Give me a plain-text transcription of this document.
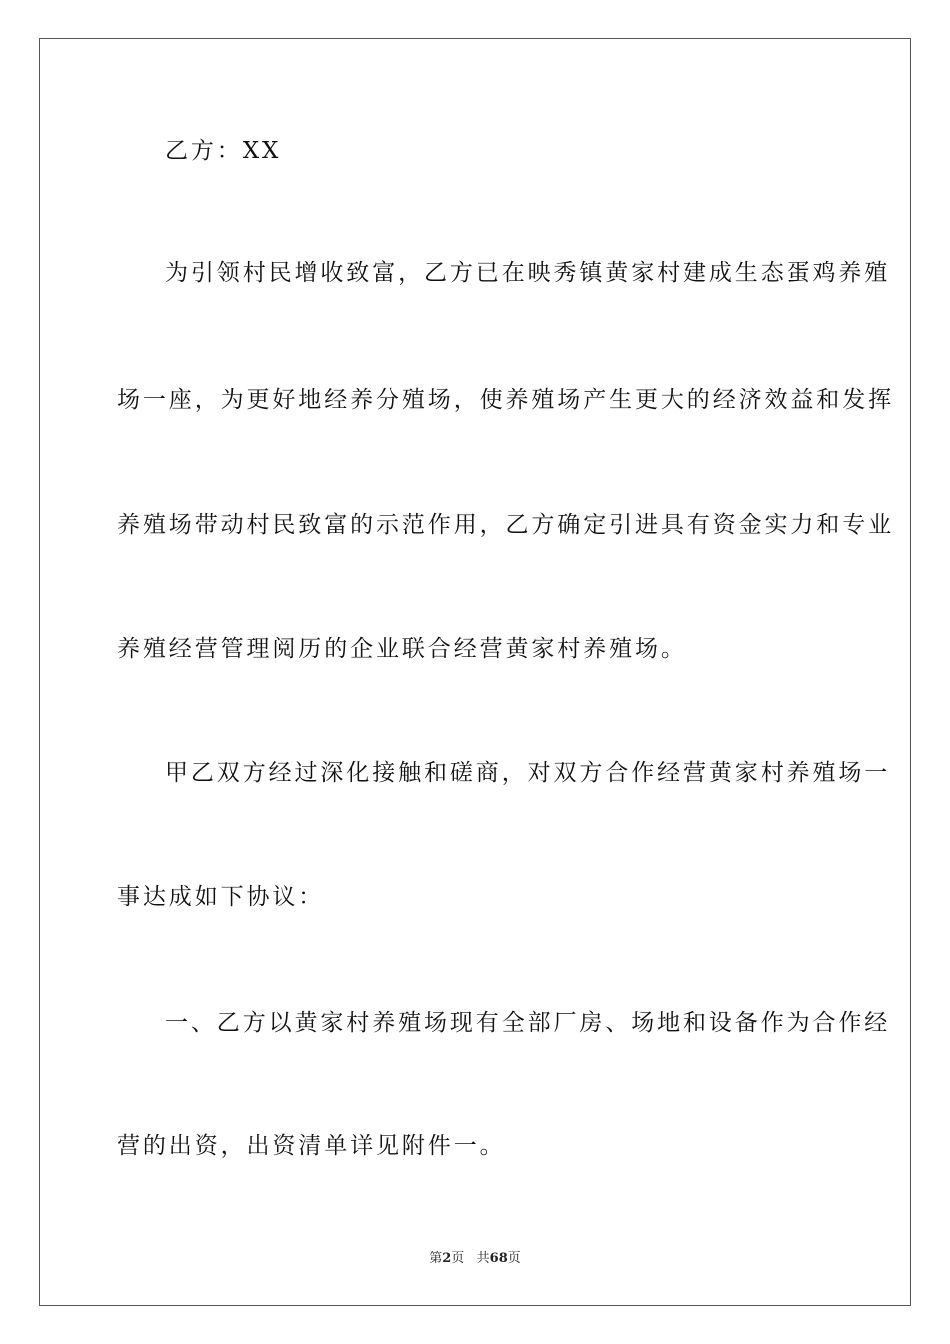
乙方：XX
为引领村民增收致富，乙方已在映秀镇黄家村建成生态蛋鸡养殖
场一座，为更好地经养分殖场，使养殖场产生更大的经济效益和发挥
养殖场带动村民致富的示范作用，乙方确定引进具有资金实力和专业
养殖经营管理阅历的企业联合经营黄家村养殖场。
甲乙双方经过深化接触和磋商，对双方合作经营黄家村养殖场一
事达成如下协议：
一、乙方以黄家村养殖场现有全部厂房、场地和设备作为合作经
营的出资，出资清单详见附件一。
第2页   共68页
